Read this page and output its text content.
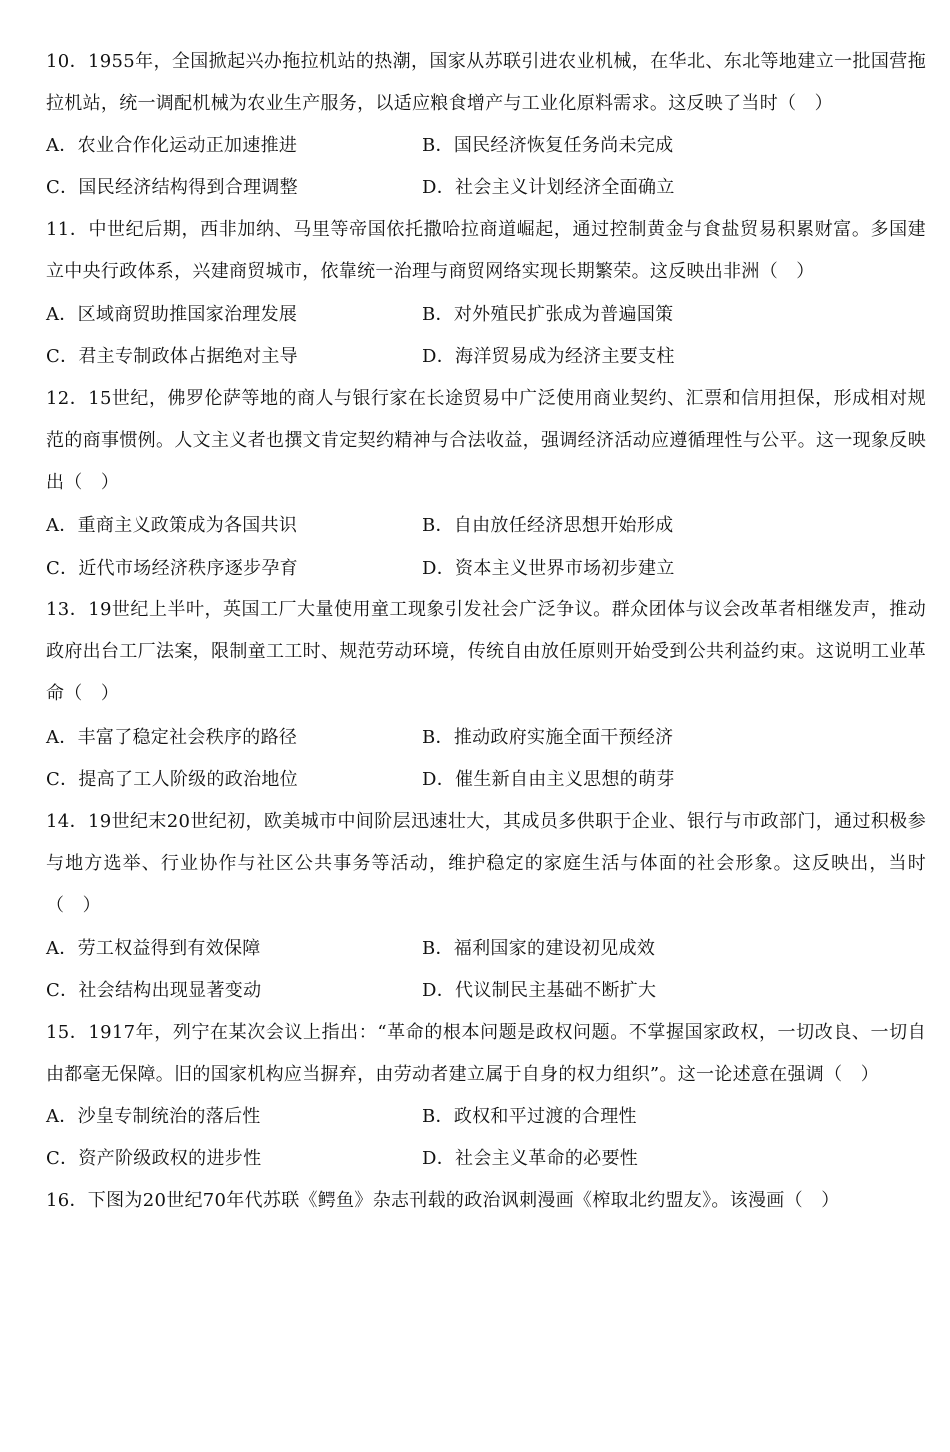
10．1955年，全国掀起兴办拖拉机站的热潮，国家从苏联引进农业机械，在华北、东北等地建立一批国营拖拉机站，统一调配机械为农业生产服务，以适应粮食增产与工业化原料需求。这反映了当时（　）

A．农业合作化运动正加速推进	B．国民经济恢复任务尚未完成
C．国民经济结构得到合理调整	D．社会主义计划经济全面确立

11．中世纪后期，西非加纳、马里等帝国依托撒哈拉商道崛起，通过控制黄金与食盐贸易积累财富。多国建立中央行政体系，兴建商贸城市，依靠统一治理与商贸网络实现长期繁荣。这反映出非洲（　）

A．区域商贸助推国家治理发展	B．对外殖民扩张成为普遍国策
C．君主专制政体占据绝对主导	D．海洋贸易成为经济主要支柱

12．15世纪，佛罗伦萨等地的商人与银行家在长途贸易中广泛使用商业契约、汇票和信用担保，形成相对规范的商事惯例。人文主义者也撰文肯定契约精神与合法收益，强调经济活动应遵循理性与公平。这一现象反映出（　）

A．重商主义政策成为各国共识	B．自由放任经济思想开始形成
C．近代市场经济秩序逐步孕育	D．资本主义世界市场初步建立

13．19世纪上半叶，英国工厂大量使用童工现象引发社会广泛争议。群众团体与议会改革者相继发声，推动政府出台工厂法案，限制童工工时、规范劳动环境，传统自由放任原则开始受到公共利益约束。这说明工业革命（　）

A．丰富了稳定社会秩序的路径	B．推动政府实施全面干预经济
C．提高了工人阶级的政治地位	D．催生新自由主义思想的萌芽

14．19世纪末20世纪初，欧美城市中间阶层迅速壮大，其成员多供职于企业、银行与市政部门，通过积极参与地方选举、行业协作与社区公共事务等活动，维护稳定的家庭生活与体面的社会形象。这反映出，当时（　）

A．劳工权益得到有效保障	B．福利国家的建设初见成效
C．社会结构出现显著变动	D．代议制民主基础不断扩大

15．1917年，列宁在某次会议上指出：“革命的根本问题是政权问题。不掌握国家政权，一切改良、一切自由都毫无保障。旧的国家机构应当摒弃，由劳动者建立属于自身的权力组织”。这一论述意在强调（　）

A．沙皇专制统治的落后性	B．政权和平过渡的合理性
C．资产阶级政权的进步性	D．社会主义革命的必要性

16．下图为20世纪70年代苏联《鳄鱼》杂志刊载的政治讽刺漫画《榨取北约盟友》。该漫画（　）
